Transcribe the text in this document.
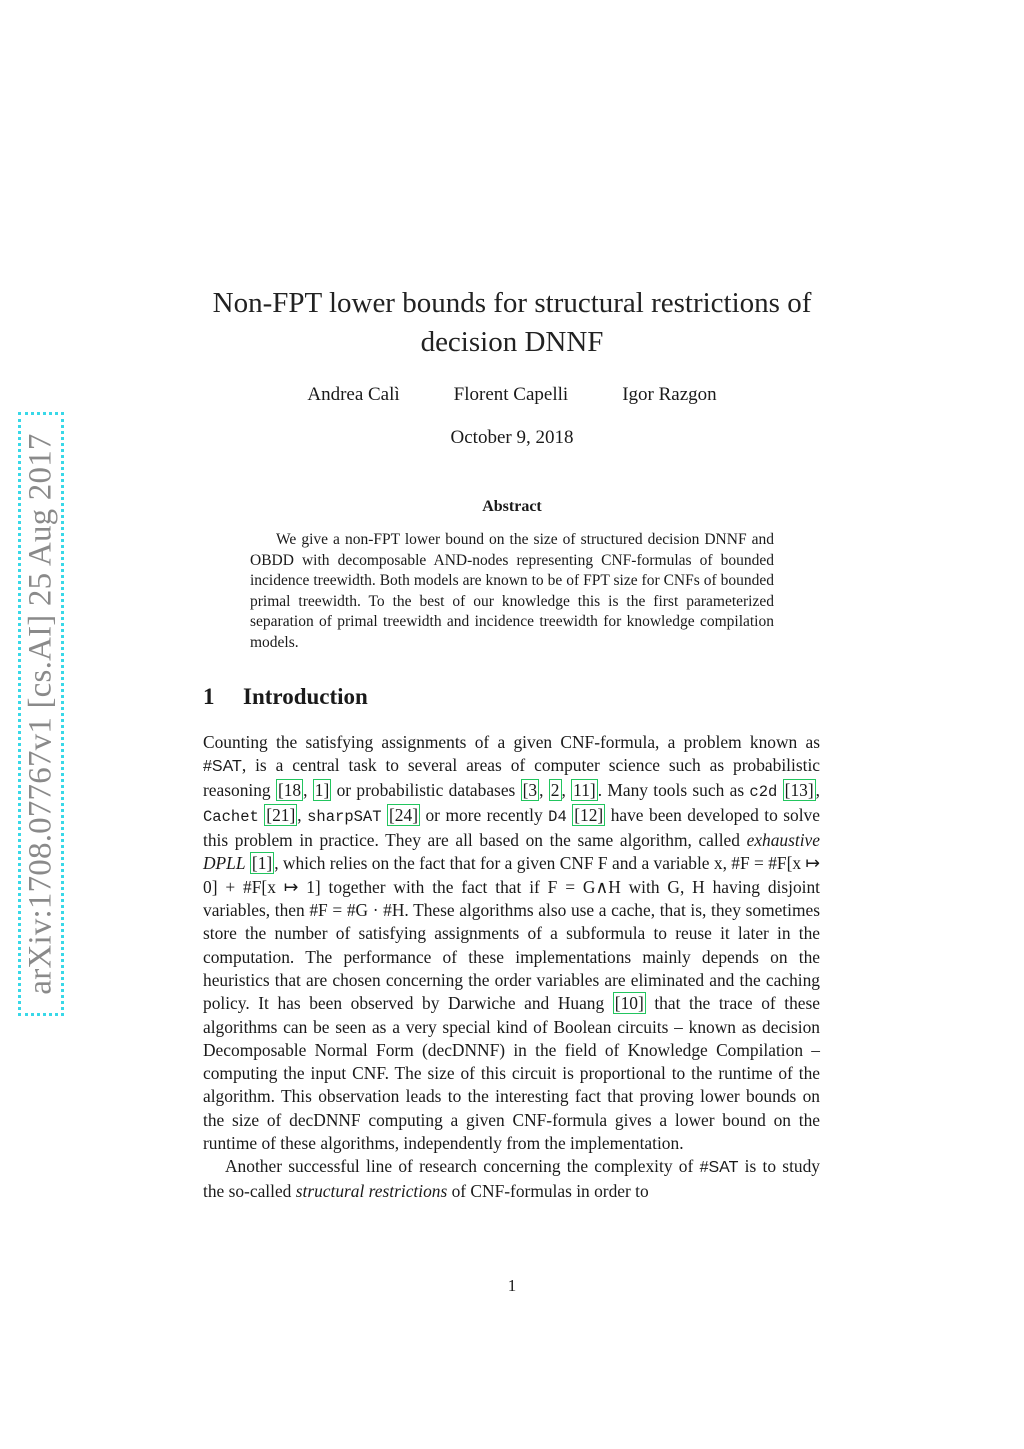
arXiv:1708.07767v1 [cs.AI] 25 Aug 2017
Non-FPT lower bounds for structural restrictions of
decision DNNF
Andrea Calì	Florent Capelli	Igor Razgon
October 9, 2018
Abstract
We give a non-FPT lower bound on the size of structured decision DNNF and OBDD with decomposable AND-nodes representing CNF-formulas of bounded incidence treewidth. Both models are known to be of FPT size for CNFs of bounded primal treewidth. To the best of our knowledge this is the first parameterized separation of primal treewidth and incidence treewidth for knowledge compilation models.
1 Introduction

Counting the satisfying assignments of a given CNF-formula, a problem known as #SAT, is a central task to several areas of computer science such as probabilistic reasoning [18 , 1] or probabilistic databases [3 , 2 , 11] . Many tools such as c2d [13] , Cachet [21] , sharpSAT [24] or more recently D4 [12] have been developed to solve this problem in practice. They are all based on the same algorithm, called exhaustive DPLL [1] , which relies on the fact that for a given CNF F and a variable x, #F = #F[x ↦ 0] + #F[x ↦ 1] together with the fact that if F = G∧H with G, H having disjoint variables, then #F = #G · #H. These algorithms also use a cache, that is, they sometimes store the number of satisfying assignments of a subformula to reuse it later in the computation. The performance of these implementations mainly depends on the heuristics that are chosen concerning the order variables are eliminated and the caching policy. It has been observed by Darwiche and Huang [10] that the trace of these algorithms can be seen as a very special kind of Boolean circuits – known as decision Decomposable Normal Form (decDNNF) in the field of Knowledge Compilation – computing the input CNF. The size of this circuit is proportional to the runtime of the algorithm. This observation leads to the interesting fact that proving lower bounds on the size of decDNNF computing a given CNF-formula gives a lower bound on the runtime of these algorithms, independently from the implementation.

Another successful line of research concerning the complexity of #SAT is to study the so-called structural restrictions of CNF-formulas in order to

1
